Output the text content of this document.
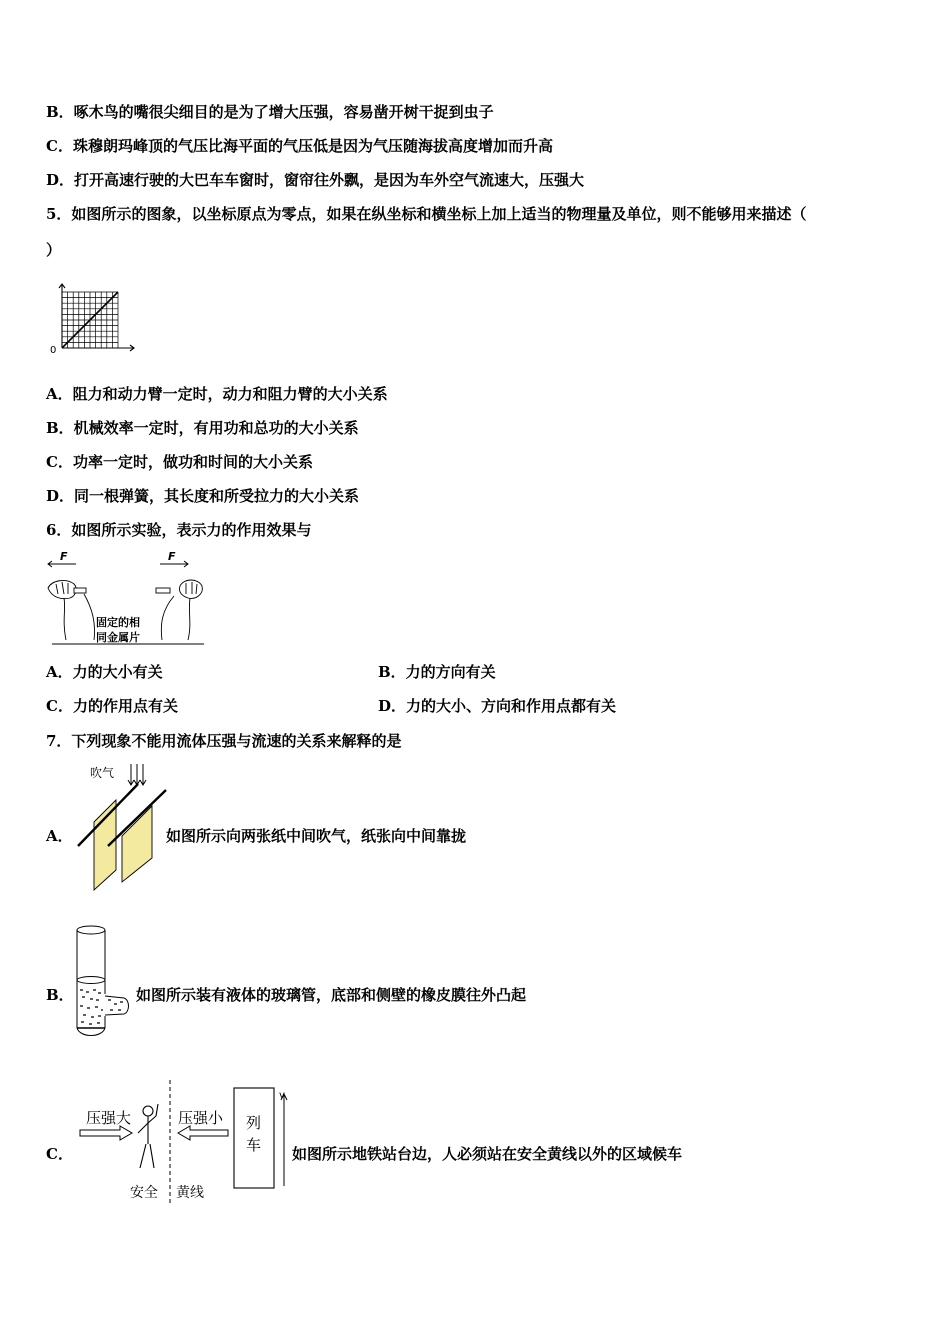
B．啄木鸟的嘴很尖细目的是为了增大压强，容易凿开树干捉到虫子
C．珠穆朗玛峰顶的气压比海平面的气压低是因为气压随海拔高度增加而升高
D．打开高速行驶的大巴车车窗时，窗帘往外飘，是因为车外空气流速大，压强大
5．如图所示的图象，以坐标原点为零点，如果在纵坐标和横坐标上加上适当的物理量及单位，则不能够用来描述（
）
0
A．阻力和动力臂一定时，动力和阻力臂的大小关系
B．机械效率一定时，有用功和总功的大小关系
C．功率一定时，做功和时间的大小关系
D．同一根弹簧，其长度和所受拉力的大小关系
6．如图所示实验，表示力的作用效果与
F	F
固定的相
同金属片
A．力的大小有关	B．力的方向有关
C．力的作用点有关	D．力的大小、方向和作用点都有关
7．下列现象不能用流体压强与流速的关系来解释的是
A．
吹气
如图所示向两张纸中间吹气，纸张向中间靠拢
B．	如图所示装有液体的玻璃管，底部和侧壁的橡皮膜往外凸起
C．
压强大	压强小 列
车
v
安全 黄线
如图所示地铁站台边，人必须站在安全黄线以外的区域候车
